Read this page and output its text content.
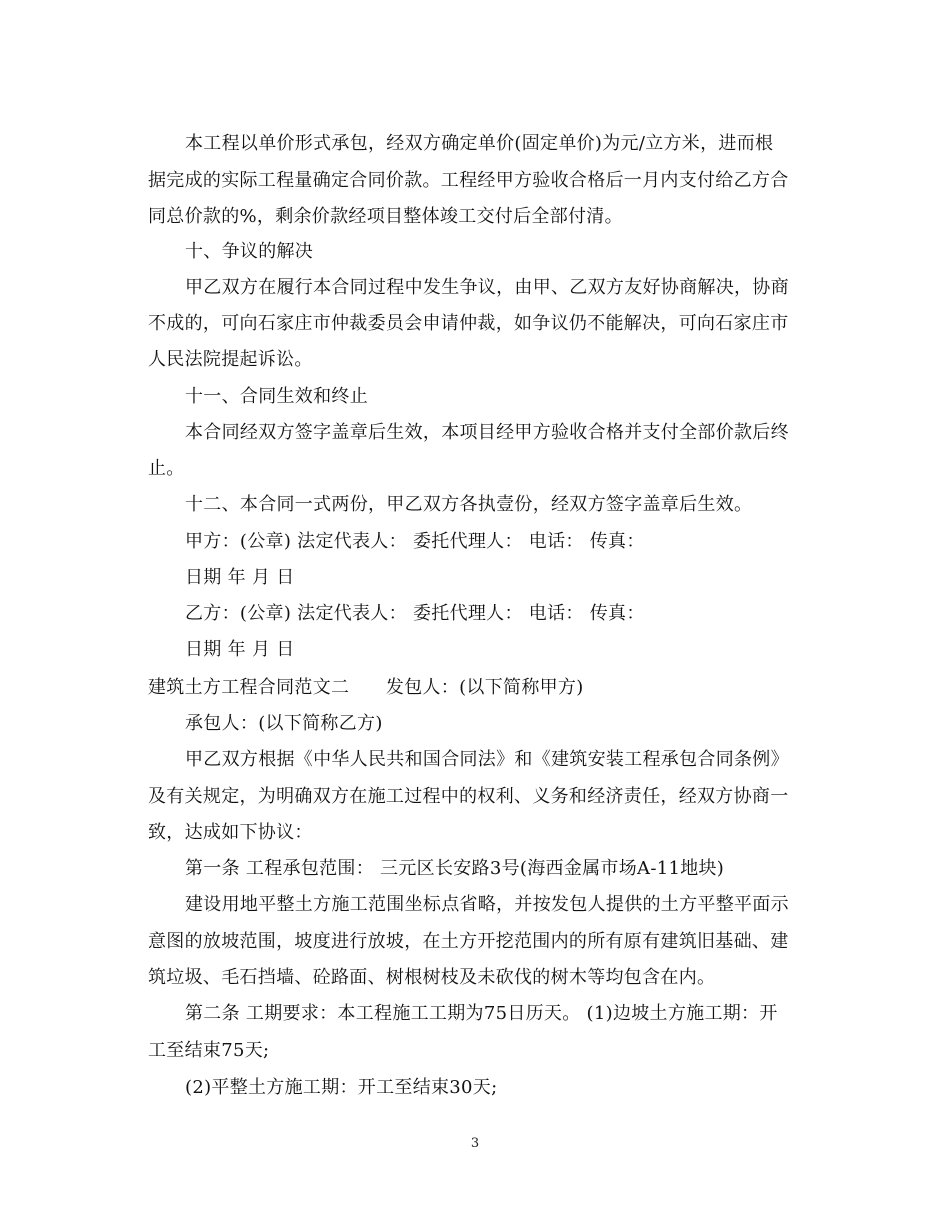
本工程以单价形式承包，经双方确定单价(固定单价)为元/立方米，进而根
据完成的实际工程量确定合同价款。工程经甲方验收合格后一月内支付给乙方合
同总价款的%，剩余价款经项目整体竣工交付后全部付清。
十、争议的解决
甲乙双方在履行本合同过程中发生争议，由甲、乙双方友好协商解决，协商
不成的，可向石家庄市仲裁委员会申请仲裁，如争议仍不能解决，可向石家庄市
人民法院提起诉讼。
十一、合同生效和终止
本合同经双方签字盖章后生效，本项目经甲方验收合格并支付全部价款后终
止。
十二、本合同一式两份，甲乙双方各执壹份，经双方签字盖章后生效。
甲方：(公章) 法定代表人： 委托代理人： 电话： 传真：
日期 年 月 日
乙方：(公章) 法定代表人： 委托代理人： 电话： 传真：
日期 年 月 日
建筑土方工程合同范文二　　发包人：(以下简称甲方)
承包人：(以下简称乙方)
甲乙双方根据《中华人民共和国合同法》和《建筑安装工程承包合同条例》
及有关规定，为明确双方在施工过程中的权利、义务和经济责任，经双方协商一
致，达成如下协议：
第一条 工程承包范围： 三元区长安路3号(海西金属市场A-11地块)
建设用地平整土方施工范围坐标点省略，并按发包人提供的土方平整平面示
意图的放坡范围，坡度进行放坡，在土方开挖范围内的所有原有建筑旧基础、建
筑垃圾、毛石挡墙、砼路面、树根树枝及未砍伐的树木等均包含在内。
第二条 工期要求：本工程施工工期为75日历天。 (1)边坡土方施工期：开
工至结束75天;
(2)平整土方施工期：开工至结束30天;
3
